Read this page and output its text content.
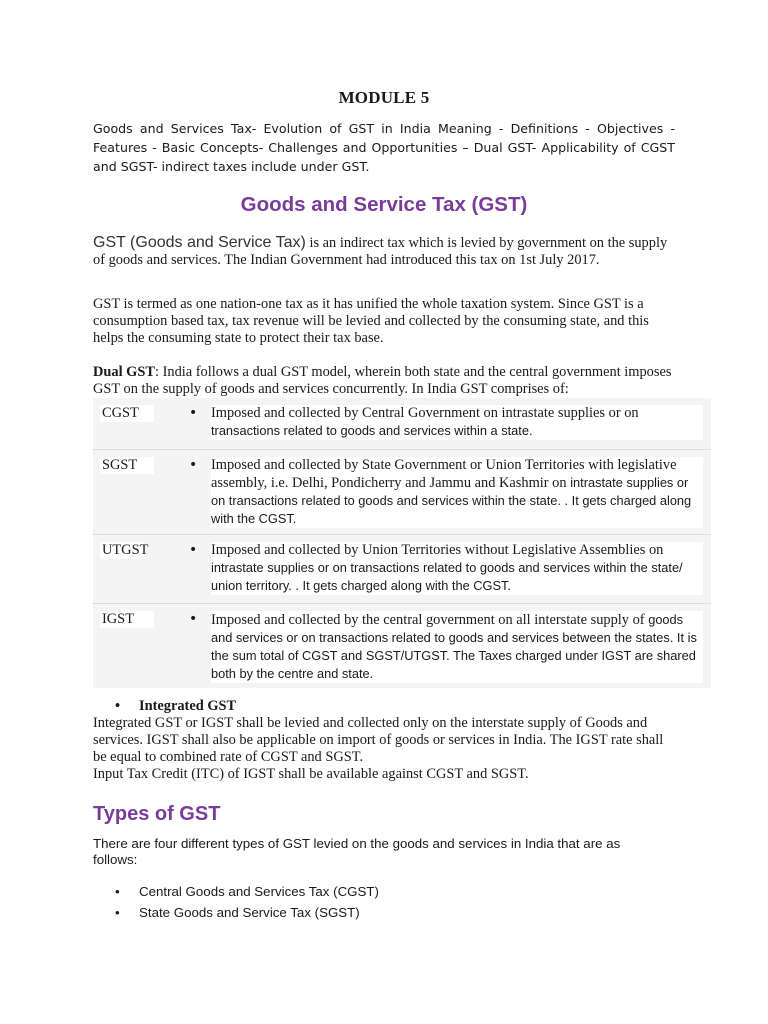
MODULE 5
Goods and Services Tax- Evolution of GST in India Meaning - Definitions - Objectives - Features - Basic Concepts- Challenges and Opportunities – Dual GST- Applicability of CGST and SGST- indirect taxes include under GST.
Goods and Service Tax (GST)
GST (Goods and Service Tax) is an indirect tax which is levied by government on the supply of goods and services. The Indian Government had introduced this tax on 1st July 2017.
GST is termed as one nation-one tax as it has unified the whole taxation system. Since GST is a consumption based tax, tax revenue will be levied and collected by the consuming state, and this helps the consuming state to protect their tax base.
Dual GST: India follows a dual GST model, wherein both state and the central government imposes GST on the supply of goods and services concurrently. In India GST comprises of:
CGST	• Imposed and collected by Central Government on intrastate supplies or on transactions related to goods and services within a state.
SGST	• Imposed and collected by State Government or Union Territories with legislative assembly, i.e. Delhi, Pondicherry and Jammu and Kashmir on intrastate supplies or on transactions related to goods and services within the state. . It gets charged along with the CGST.
UTGST	• Imposed and collected by Union Territories without Legislative Assemblies on intrastate supplies or on transactions related to goods and services within the state/ union territory. . It gets charged along with the CGST.
IGST	• Imposed and collected by the central government on all interstate supply of goods and services or on transactions related to goods and services between the states. It is the sum total of CGST and SGST/UTGST. The Taxes charged under IGST are shared both by the centre and state.
• Integrated GST
Integrated GST or IGST shall be levied and collected only on the interstate supply of Goods and services. IGST shall also be applicable on import of goods or services in India. The IGST rate shall be equal to combined rate of CGST and SGST.
Input Tax Credit (ITC) of IGST shall be available against CGST and SGST.
Types of GST
There are four different types of GST levied on the goods and services in India that are as follows:
• Central Goods and Services Tax (CGST)
• State Goods and Service Tax (SGST)
